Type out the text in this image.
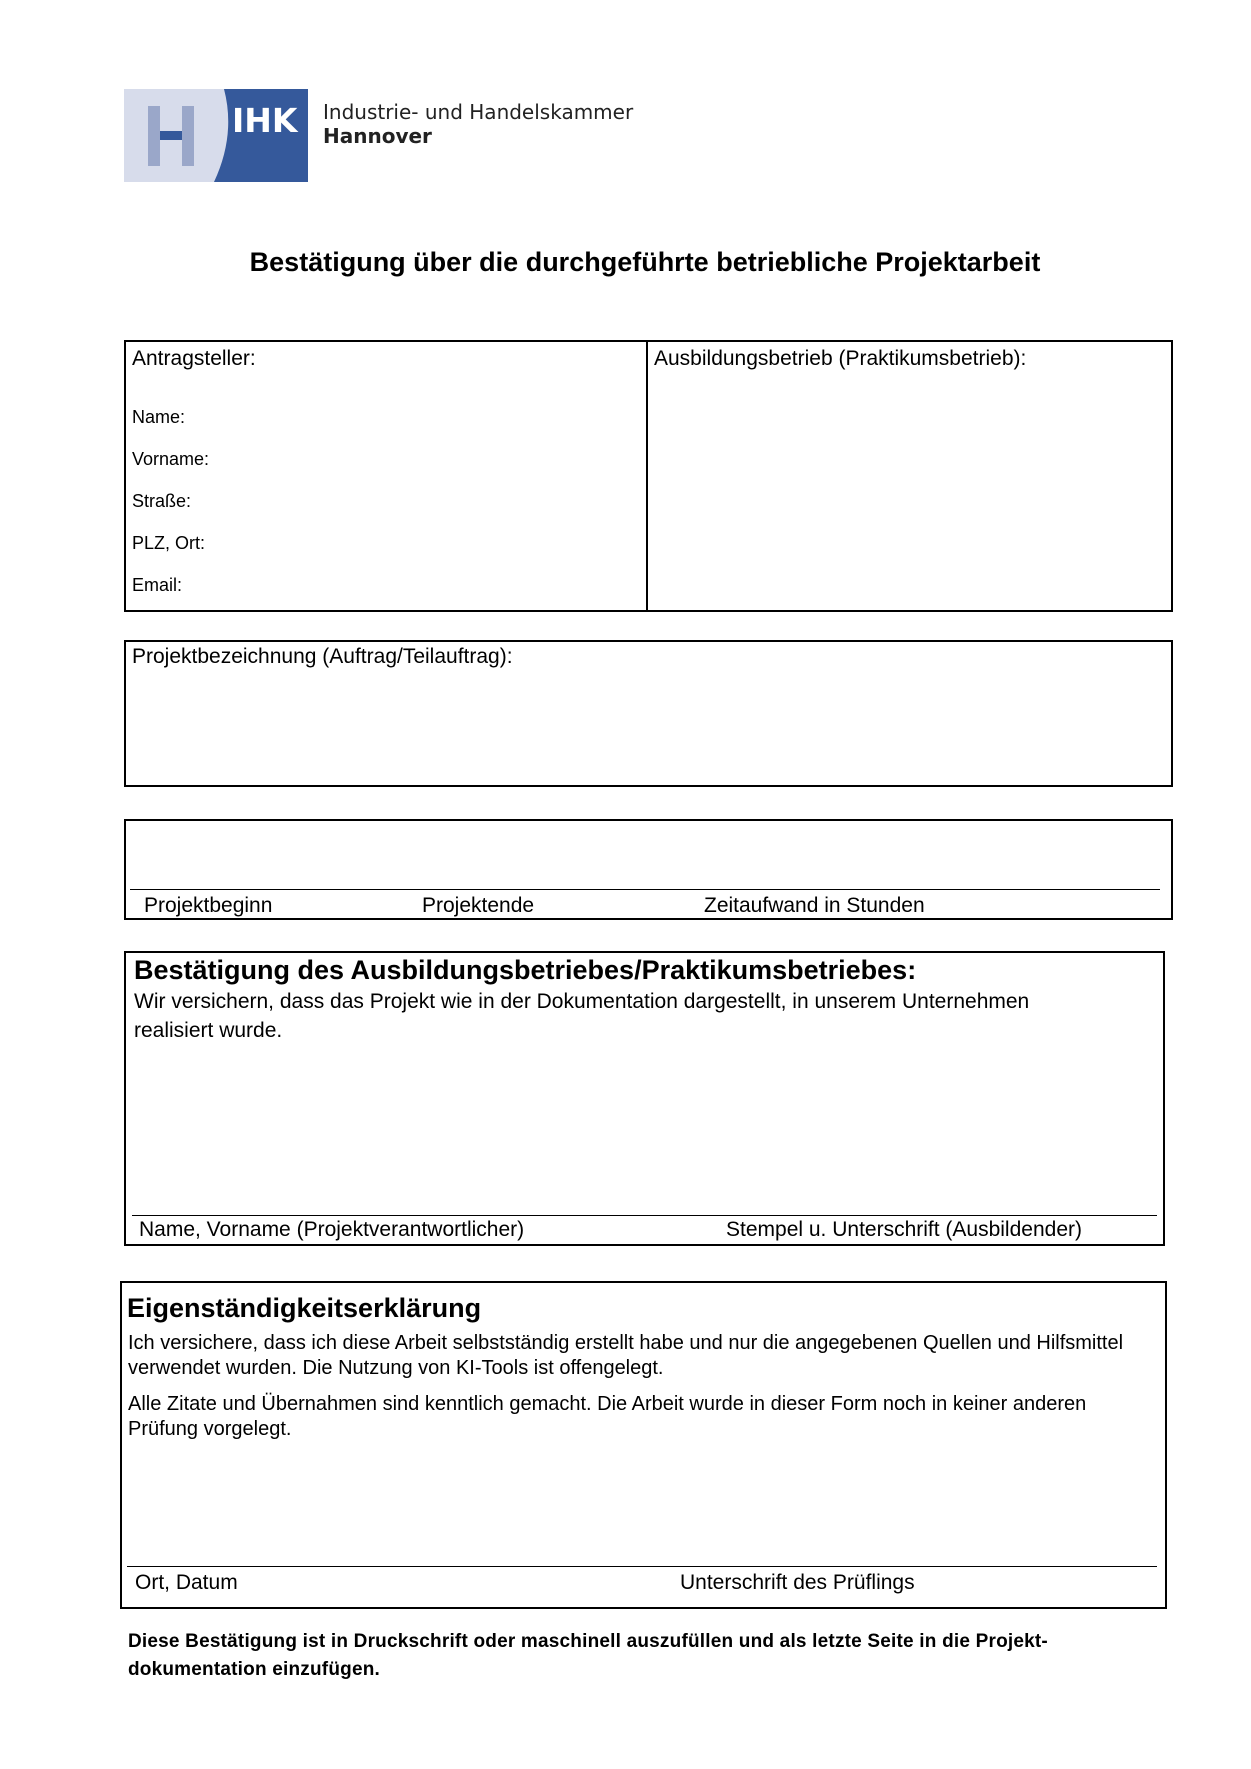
IHK Industrie- und Handelskammer
Hannover
Bestätigung über die durchgeführte betriebliche Projektarbeit
Antragsteller:
Name:
Vorname:
Straße:
PLZ, Ort:
Email:
Ausbildungsbetrieb (Praktikumsbetrieb):
Projektbezeichnung (Auftrag/Teilauftrag):
Projektbeginn	Projektende	Zeitaufwand in Stunden
Bestätigung des Ausbildungsbetriebes/Praktikumsbetriebes:
Wir versichern, dass das Projekt wie in der Dokumentation dargestellt, in unserem Unternehmen
realisiert wurde.
Name, Vorname (Projektverantwortlicher)	Stempel u. Unterschrift (Ausbildender)
Eigenständigkeitserklärung
Ich versichere, dass ich diese Arbeit selbstständig erstellt habe und nur die angegebenen Quellen und Hilfsmittel verwendet wurden. Die Nutzung von KI-Tools ist offengelegt.
Alle Zitate und Übernahmen sind kenntlich gemacht. Die Arbeit wurde in dieser Form noch in keiner anderen Prüfung vorgelegt.
Ort, Datum	Unterschrift des Prüflings
Diese Bestätigung ist in Druckschrift oder maschinell auszufüllen und als letzte Seite in die Projekt-dokumentation einzufügen.
